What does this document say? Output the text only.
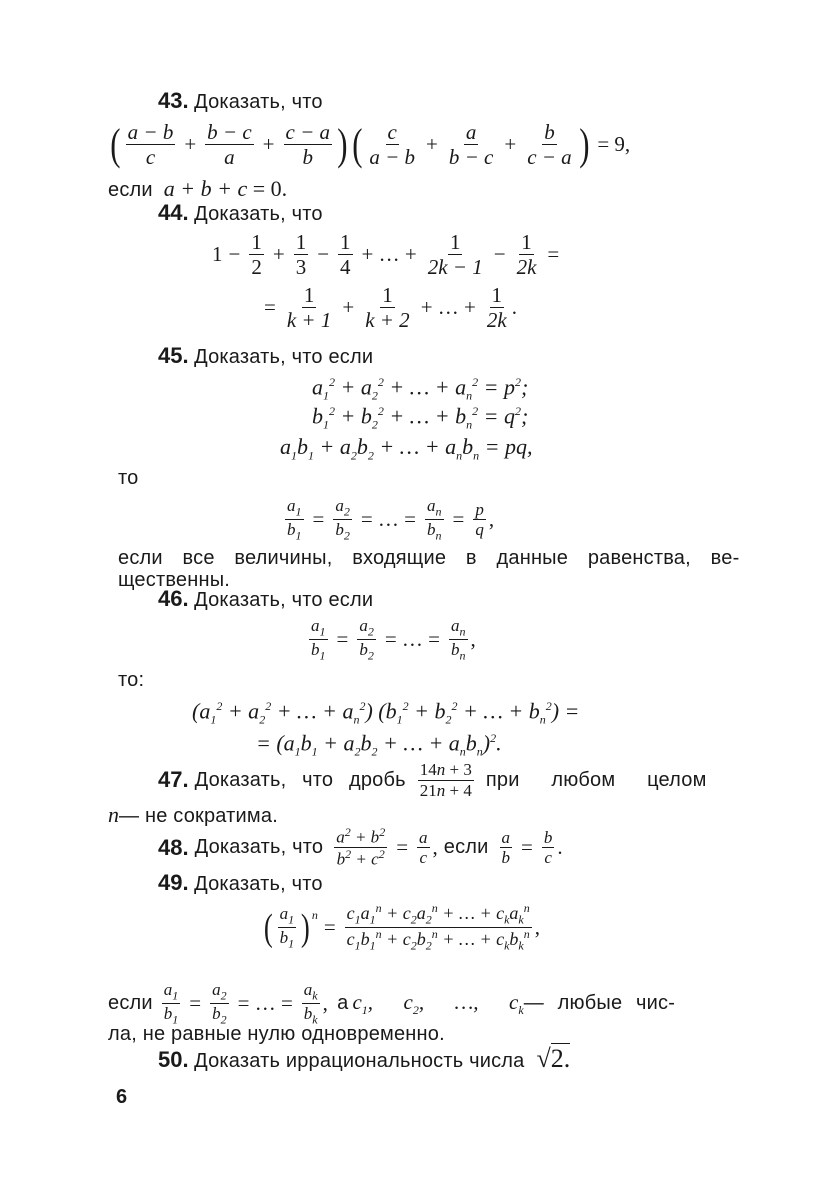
43. Доказать, что
( $\frac{a - b}{c} + \frac{b - c}{a} + \frac{c - a}{b}$ ) ( $\frac{c}{a - b} + \frac{a}{b - c} + \frac{b}{c - a}$ ) = 9,
если  a + b + c = 0.
44. Доказать, что
$1 - \frac{1}{2} + \frac{1}{3} - \frac{1}{4}$ + … + $\frac{1}{2k - 1} - \frac{1}{2k}$ =
= $\frac{1}{k + 1} + \frac{1}{k + 2}$ + … + $\frac{1}{2k}$ .
45. Доказать, что если
$a_1^2 + a_2^2$ + … + $a_n^2 = p^2$;
$b_1^2 + b_2^2$ + … + $b_n^2 = q^2$;
$a_1b_1 + a_2b_2$ + … + $a_nb_n$ = pq,
то
$\frac{a_1}{b_1} = \frac{a_2}{b_2}$ = … = $\frac{a_n}{b_n} = \frac{p}{q}$ ,
если все величины, входящие в данные равенства, ве-
щественны.
46. Доказать, что если
$\frac{a_1}{b_1} = \frac{a_2}{b_2}$ = … = $\frac{a_n}{b_n}$ ,
то:
($a_1^2 + a_2^2$ + … + $a_n^2$) ($b_1^2 + b_2^2$ + … + $b_n^2$) =
= ($a_1b_1 + a_2b_2$ + … + $a_nb_n)^2$.
47. Доказать, что дробь $\frac{14n + 3}{21n + 4}$ при любом целом
n— не сократима.
48. Доказать, что $\frac{a^2 + b^2}{b^2 + c^2} = \frac{a}{c}$ , если $\frac{a}{b} = \frac{b}{c}$ .
49. Доказать, что
( $\frac{a_1}{b_1} )^n$
= $\frac{c_1a_1^n + c_2a_2^n + \dots + c_ka_k^n}{c_1b_1^n + c_2b_2^n + \dots + c_kb_k^n}$ ,
если $\frac{a_1}{b_1} = \frac{a_2}{b_2}$ = … = $\frac{a_k}{b_k}$ , а $c_1$,  $c_2$,  …,  $c_k$ — любые чис-
ла, не равные нулю одновременно.
50. Доказать иррациональность числа  √2.
6
